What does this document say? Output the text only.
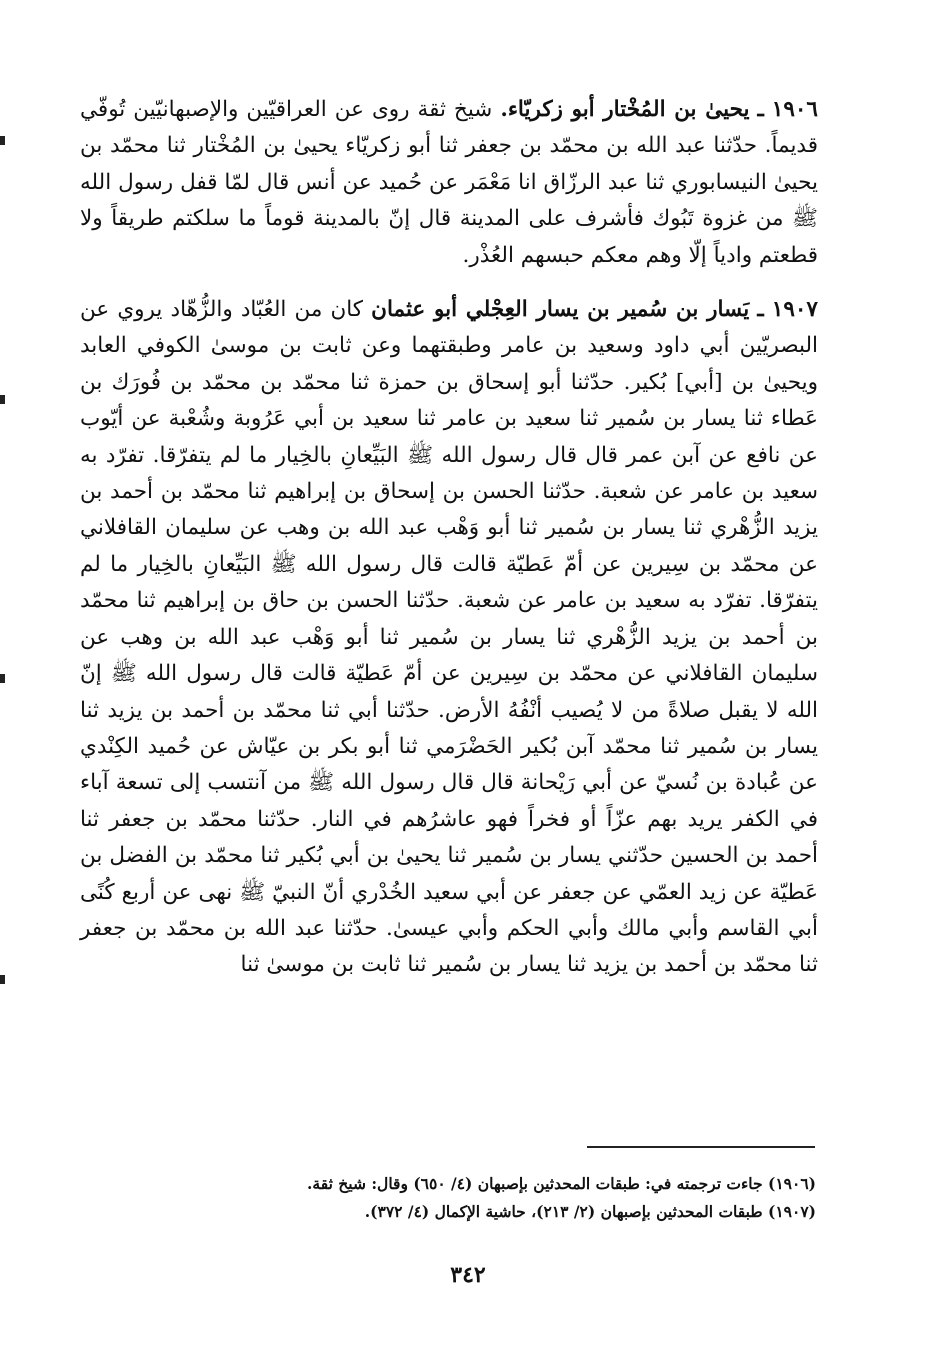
١٩٠٦ ـ يحيىٰ بن المُخْتار أبو زكريّاء. شيخ ثقة روى عن العراقيّين والإصبهانيّين تُوفّي قديماً. حدّثنا عبد الله بن محمّد بن جعفر ثنا أبو زكريّاء يحيىٰ بن المُخْتار ثنا محمّد بن يحيىٰ النيسابوري ثنا عبد الرزّاق انا مَعْمَر عن حُميد عن أنس قال لمّا قفل رسول الله ﷺ من غزوة تَبُوك فأشرف على المدينة قال إنّ بالمدينة قوماً ما سلكتم طريقاً ولا قطعتم وادياً إلّا وهم معكم حبسهم العُذْر.

١٩٠٧ ـ يَسار بن سُمير بن يسار العِجْلي أبو عثمان كان من العُبّاد والزُّهّاد يروي عن البصريّين أبي داود وسعيد بن عامر وطبقتهما وعن ثابت بن موسىٰ الكوفي العابد ويحيىٰ بن [أبي] بُكير. حدّثنا أبو إسحاق بن حمزة ثنا محمّد بن محمّد بن فُورَك بن عَطاء ثنا يسار بن سُمير ثنا سعيد بن عامر ثنا سعيد بن أبي عَرُوبة وشُعْبة عن أيّوب عن نافع عن آبن عمر قال قال رسول الله ﷺ البَيِّعانِ بالخِيار ما لم يتفرّقا. تفرّد به سعيد بن عامر عن شعبة. حدّثنا الحسن بن إسحاق بن إبراهيم ثنا محمّد بن أحمد بن يزيد الزُّهْري ثنا يسار بن سُمير ثنا أبو وَهْب عبد الله بن وهب عن سليمان القافلاني عن محمّد بن سِيرين عن أمّ عَطيّة قالت قال رسول الله ﷺ البَيِّعانِ بالخِيار ما لم يتفرّقا. تفرّد به سعيد بن عامر عن شعبة. حدّثنا الحسن بن حاق بن إبراهيم ثنا محمّد بن أحمد بن يزيد الزُّهْري ثنا يسار بن سُمير ثنا أبو وَهْب عبد الله بن وهب عن سليمان القافلاني عن محمّد بن سِيرين عن أمّ عَطيّة قالت قال رسول الله ﷺ إنّ الله لا يقبل صلاةً من لا يُصيب أنْفُهُ الأرض. حدّثنا أبي ثنا محمّد بن أحمد بن يزيد ثنا يسار بن سُمير ثنا محمّد آبن بُكير الحَضْرَمي ثنا أبو بكر بن عيّاش عن حُميد الكِنْدي عن عُبادة بن نُسيّ عن أبي رَيْحانة قال قال رسول الله ﷺ من آنتسب إلى تسعة آباء في الكفر يريد بهم عزّاً أو فخراً فهو عاشرُهم في النار. حدّثنا محمّد بن جعفر ثنا أحمد بن الحسين حدّثني يسار بن سُمير ثنا يحيىٰ بن أبي بُكير ثنا محمّد بن الفضل بن عَطيّة عن زيد العمّي عن جعفر عن أبي سعيد الخُدْري أنّ النبيّ ﷺ نهى عن أربع كُنًى أبي القاسم وأبي مالك وأبي الحكم وأبي عيسىٰ. حدّثنا عبد الله بن محمّد بن جعفر ثنا محمّد بن أحمد بن يزيد ثنا يسار بن سُمير ثنا ثابت بن موسىٰ ثنا

(١٩٠٦) جاءت ترجمته في: طبقات المحدثين بإصبهان (٤/ ٦٥٠) وقال: شيخ ثقة.

(١٩٠٧) طبقات المحدثين بإصبهان (٢/ ٢١٣)، حاشية الإكمال (٤/ ٣٧٢).

٣٤٢
